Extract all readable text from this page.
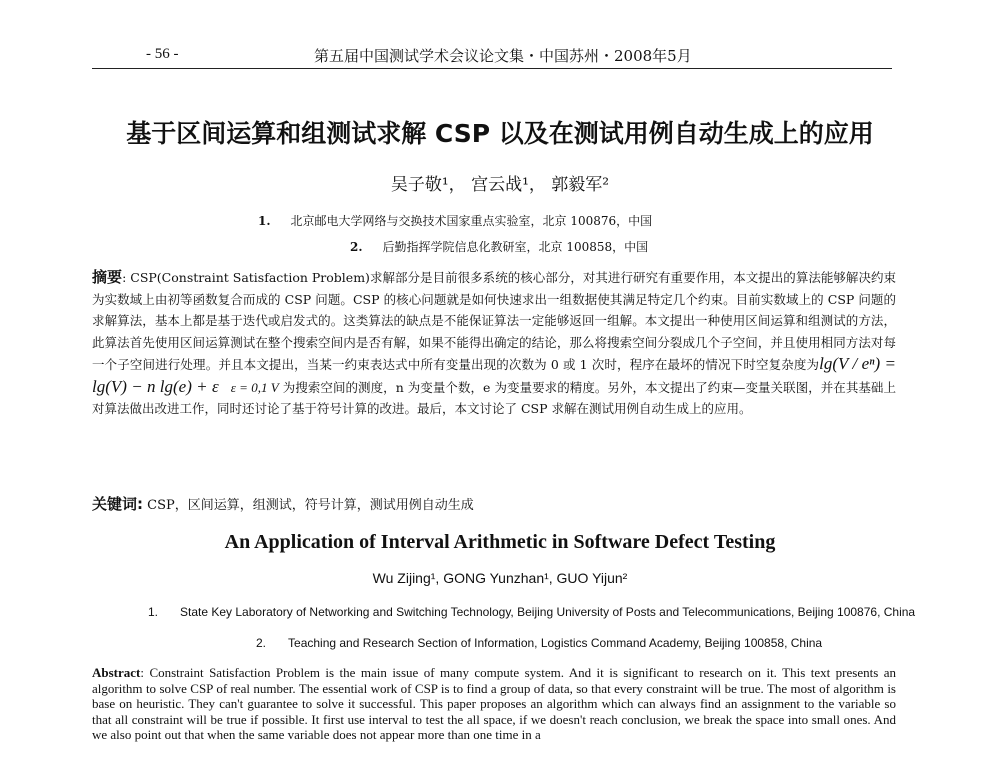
- 56 -	第五届中国测试学术会议论文集・中国苏州・2008年5月
基于区间运算和组测试求解 CSP 以及在测试用例自动生成上的应用
吴子敬¹， 宫云战¹， 郭毅军²
1. 北京邮电大学网络与交换技术国家重点实验室，北京 100876，中国
2. 后勤指挥学院信息化教研室，北京 100858，中国
摘要: CSP(Constraint Satisfaction Problem)求解部分是目前很多系统的核心部分，对其进行研究有重要作用，本文提出的算法能够解决约束为实数域上由初等函数复合而成的 CSP 问题。CSP 的核心问题就是如何快速求出一组数据使其满足特定几个约束。目前实数域上的 CSP 问题的求解算法，基本上都是基于迭代或启发式的。这类算法的缺点是不能保证算法一定能够返回一组解。本文提出一种使用区间运算和组测试的方法，此算法首先使用区间运算测试在整个搜索空间内是否有解，如果不能得出确定的结论，那么将搜索空间分裂成几个子空间，并且使用相同方法对每一个子空间进行处理。并且本文提出，当某一约束表达式中所有变量出现的次数为 0 或 1 次时，程序在最坏的情况下时空复杂度为lg(V / eⁿ) = lg(V) − n lg(e) + ε ε = 0,1 V 为搜索空间的测度，n 为变量个数，e 为变量要求的精度。另外，本文提出了约束—变量关联图，并在其基础上对算法做出改进工作，同时还讨论了基于符号计算的改进。最后，本文讨论了 CSP 求解在测试用例自动生成上的应用。
关键词: CSP，区间运算，组测试，符号计算，测试用例自动生成
An Application of Interval Arithmetic in Software Defect Testing
Wu Zijing¹, GONG Yunzhan¹, GUO Yijun²
1. State Key Laboratory of Networking and Switching Technology, Beijing University of Posts and Telecommunications, Beijing 100876, China
2. Teaching and Research Section of Information, Logistics Command Academy, Beijing 100858, China
Abstract: Constraint Satisfaction Problem is the main issue of many compute system. And it is significant to research on it. This text presents an algorithm to solve CSP of real number. The essential work of CSP is to find a group of data, so that every constraint will be true. The most of algorithm is base on heuristic. They can't guarantee to solve it successful. This paper proposes an algorithm which can always find an assignment to the variable so that all constraint will be true if possible. It first use interval to test the all space, if we doesn't reach conclusion, we break the space into small ones. And we also point out that when the same variable does not appear more than one time in a
